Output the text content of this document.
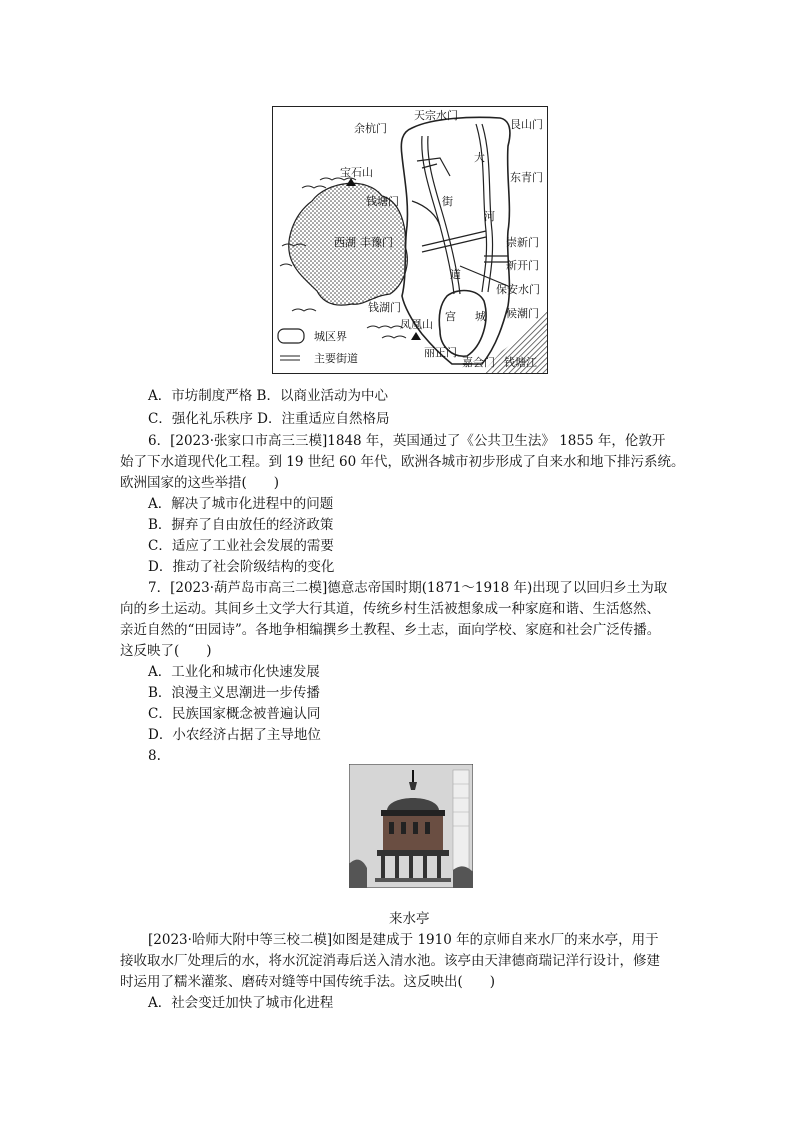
天宗水门
余杭门	艮山门
大
东青门
宝石山
钱塘门	街
河
西湖 丰豫门	崇新门
新开门
道
保安水门
钱湖门
宫 城 候潮门
凤凰山
丽正门
嘉会门 钱塘江
城区界
主要街道
A．市坊制度严格 B．以商业活动为中心
C．强化礼乐秩序 D．注重适应自然格局
6．[2023·张家口市高三三模]1848 年，英国通过了《公共卫生法》 1855 年，伦敦开
始了下水道现代化工程。到 19 世纪 60 年代，欧洲各城市初步形成了自来水和地下排污系统。
欧洲国家的这些举措(　　)
A．解决了城市化进程中的问题
B．摒弃了自由放任的经济政策
C．适应了工业社会发展的需要
D．推动了社会阶级结构的变化
7．[2023·葫芦岛市高三二模]德意志帝国时期(1871～1918 年)出现了以回归乡土为取
向的乡土运动。其间乡土文学大行其道，传统乡村生活被想象成一种家庭和谐、生活悠然、
亲近自然的“田园诗”。各地争相编撰乡土教程、乡土志，面向学校、家庭和社会广泛传播。
这反映了(　　)
A．工业化和城市化快速发展
B．浪漫主义思潮进一步传播
C．民族国家概念被普遍认同
D．小农经济占据了主导地位
8.
来水亭
[2023·哈师大附中等三校二模]如图是建成于 1910 年的京师自来水厂的来水亭，用于
接收取水厂处理后的水，将水沉淀消毒后送入清水池。该亭由天津德商瑞记洋行设计，修建
时运用了糯米灌浆、磨砖对缝等中国传统手法。这反映出(　　)
A．社会变迁加快了城市化进程
